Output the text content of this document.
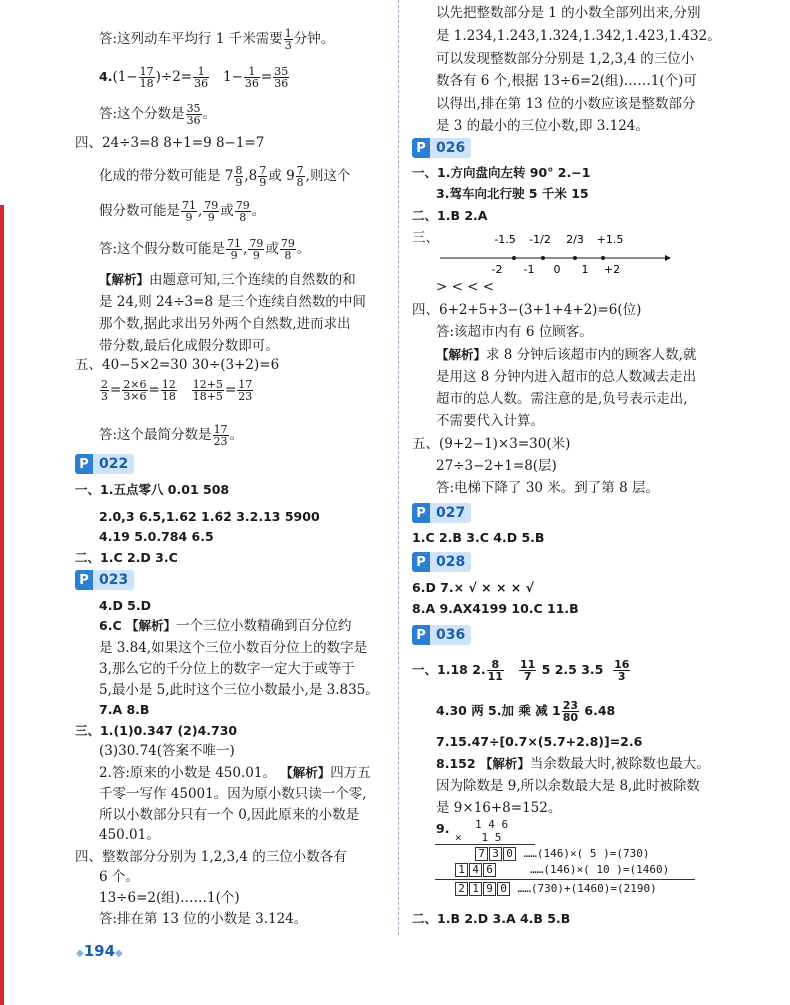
答:这列动车平均行 1 千米需要 $\frac{1}{3}$ 分钟。
$4.(1- \frac{17}{18} )\div 2= \frac{1}{36} 1- \frac{1}{36} = \frac{35}{36}$
答:这个分数是 $\frac{35}{36}$ 。
四、24÷3=8 8+1=9 8−1=7
化成的带分数可能是 $7 \frac{8}{9} ,8 \frac{7}{9}$ 或 $9 \frac{7}{8}$ ,则这个
假分数可能是 $\frac{71}{9}$ , $\frac{79}{9}$ 或 $\frac{79}{8}$ 。
答:这个假分数可能是 $\frac{71}{9}$ , $\frac{79}{9}$ 或 $\frac{79}{8}$ 。
【解析】由题意可知,三个连续的自然数的和
是 24,则 24÷3=8 是三个连续自然数的中间
那个数,据此求出另外两个自然数,进而求出
带分数,最后化成假分数即可。
五、40−5×2=30 30÷(3+2)=6
$\frac{2}{3} = \frac{2\times 6}{3\times 6} = \frac{12}{18}$
$\frac{12+5}{18+5} = \frac{17}{23}$
答:这个最简分数是 $\frac{17}{23}$ 。
P 022
一、1.五点零八 0.01 508
2.0,3 6.5,1.62 1.6̇2̇ 3.2.13 5900
4.19 5.0.784 6.5
二、1.C 2.D 3.C
P 023
4.D 5.D
6.C 【解析】一个三位小数精确到百分位约
是 3.84,如果这个三位小数百分位上的数字是
3,那么它的千分位上的数字一定大于或等于
5,最小是 5,此时这个三位小数最小,是 3.835。
7.A 8.B
三、1.(1)0.347 (2)4.730
(3)30.74(答案不唯一)
2.答:原来的小数是 450.01。 【解析】四万五
千零一写作 45001。因为原小数只读一个零,
所以小数部分只有一个 0,因此原来的小数是
450.01。
四、整数部分分别为 1,2,3,4 的三位小数各有
6 个。
13÷6=2(组)……1(个)
答:排在第 13 位的小数是 3.124。
◆194◆
以先把整数部分是 1 的小数全部列出来,分别
是 1.234,1.243,1.324,1.342,1.423,1.432。
可以发现整数部分分别是 1,2,3,4 的三位小
数各有 6 个,根据 13÷6=2(组)……1(个)可
以得出,排在第 13 位的小数应该是整数部分
是 3 的最小的三位小数,即 3.124。
P 026
一、1.方向盘向左转 90° 2.−1
3.驾车向北行驶 5 千米 15
二、1.B 2.A
三、
> < < <
四、6+2+5+3−(3+1+4+2)=6(位)
答:该超市内有 6 位顾客。
【解析】求 8 分钟后该超市内的顾客人数,就
是用这 8 分钟内进入超市的总人数减去走出
超市的总人数。需注意的是,负号表示走出,
不需要代入计算。
五、(9+2−1)×3=30(米)
27÷3−2+1=8(层)
答:电梯下降了 30 米。到了第 8 层。
P 027
1.C 2.B 3.C 4.D 5.B
P 028
6.D 7.× √ × × × √
8.A 9.AX4199 10.C 11.B
P 036
一、1.18 2. $\frac{8}{11}$
$\frac{11}{7} 5$ 2.5 $3.5 \frac{16}{3}$
4.30 两 5.加 乘 减 $1 \frac{23}{80} 6.48$
7.15.47÷[0.7×(5.7+2.8)]=2.6
8.152 【解析】当余数最大时,被除数也最大。
因为除数是 9,所以余数最大是 8,此时被除数
是 9×16+8=152。
9.
二、1.B 2.D 3.A 4.B 5.B
-1.5 -1/2 2/3 +1.5
-2 -1 0 1 +2
1 4 6
× 1 5
7 3 0 ……(146)×( 5 )=(730)
1 4 6	……(146)×( 10 )=(1460)
2 1 9 0 ……(730)+(1460)=(2190)
